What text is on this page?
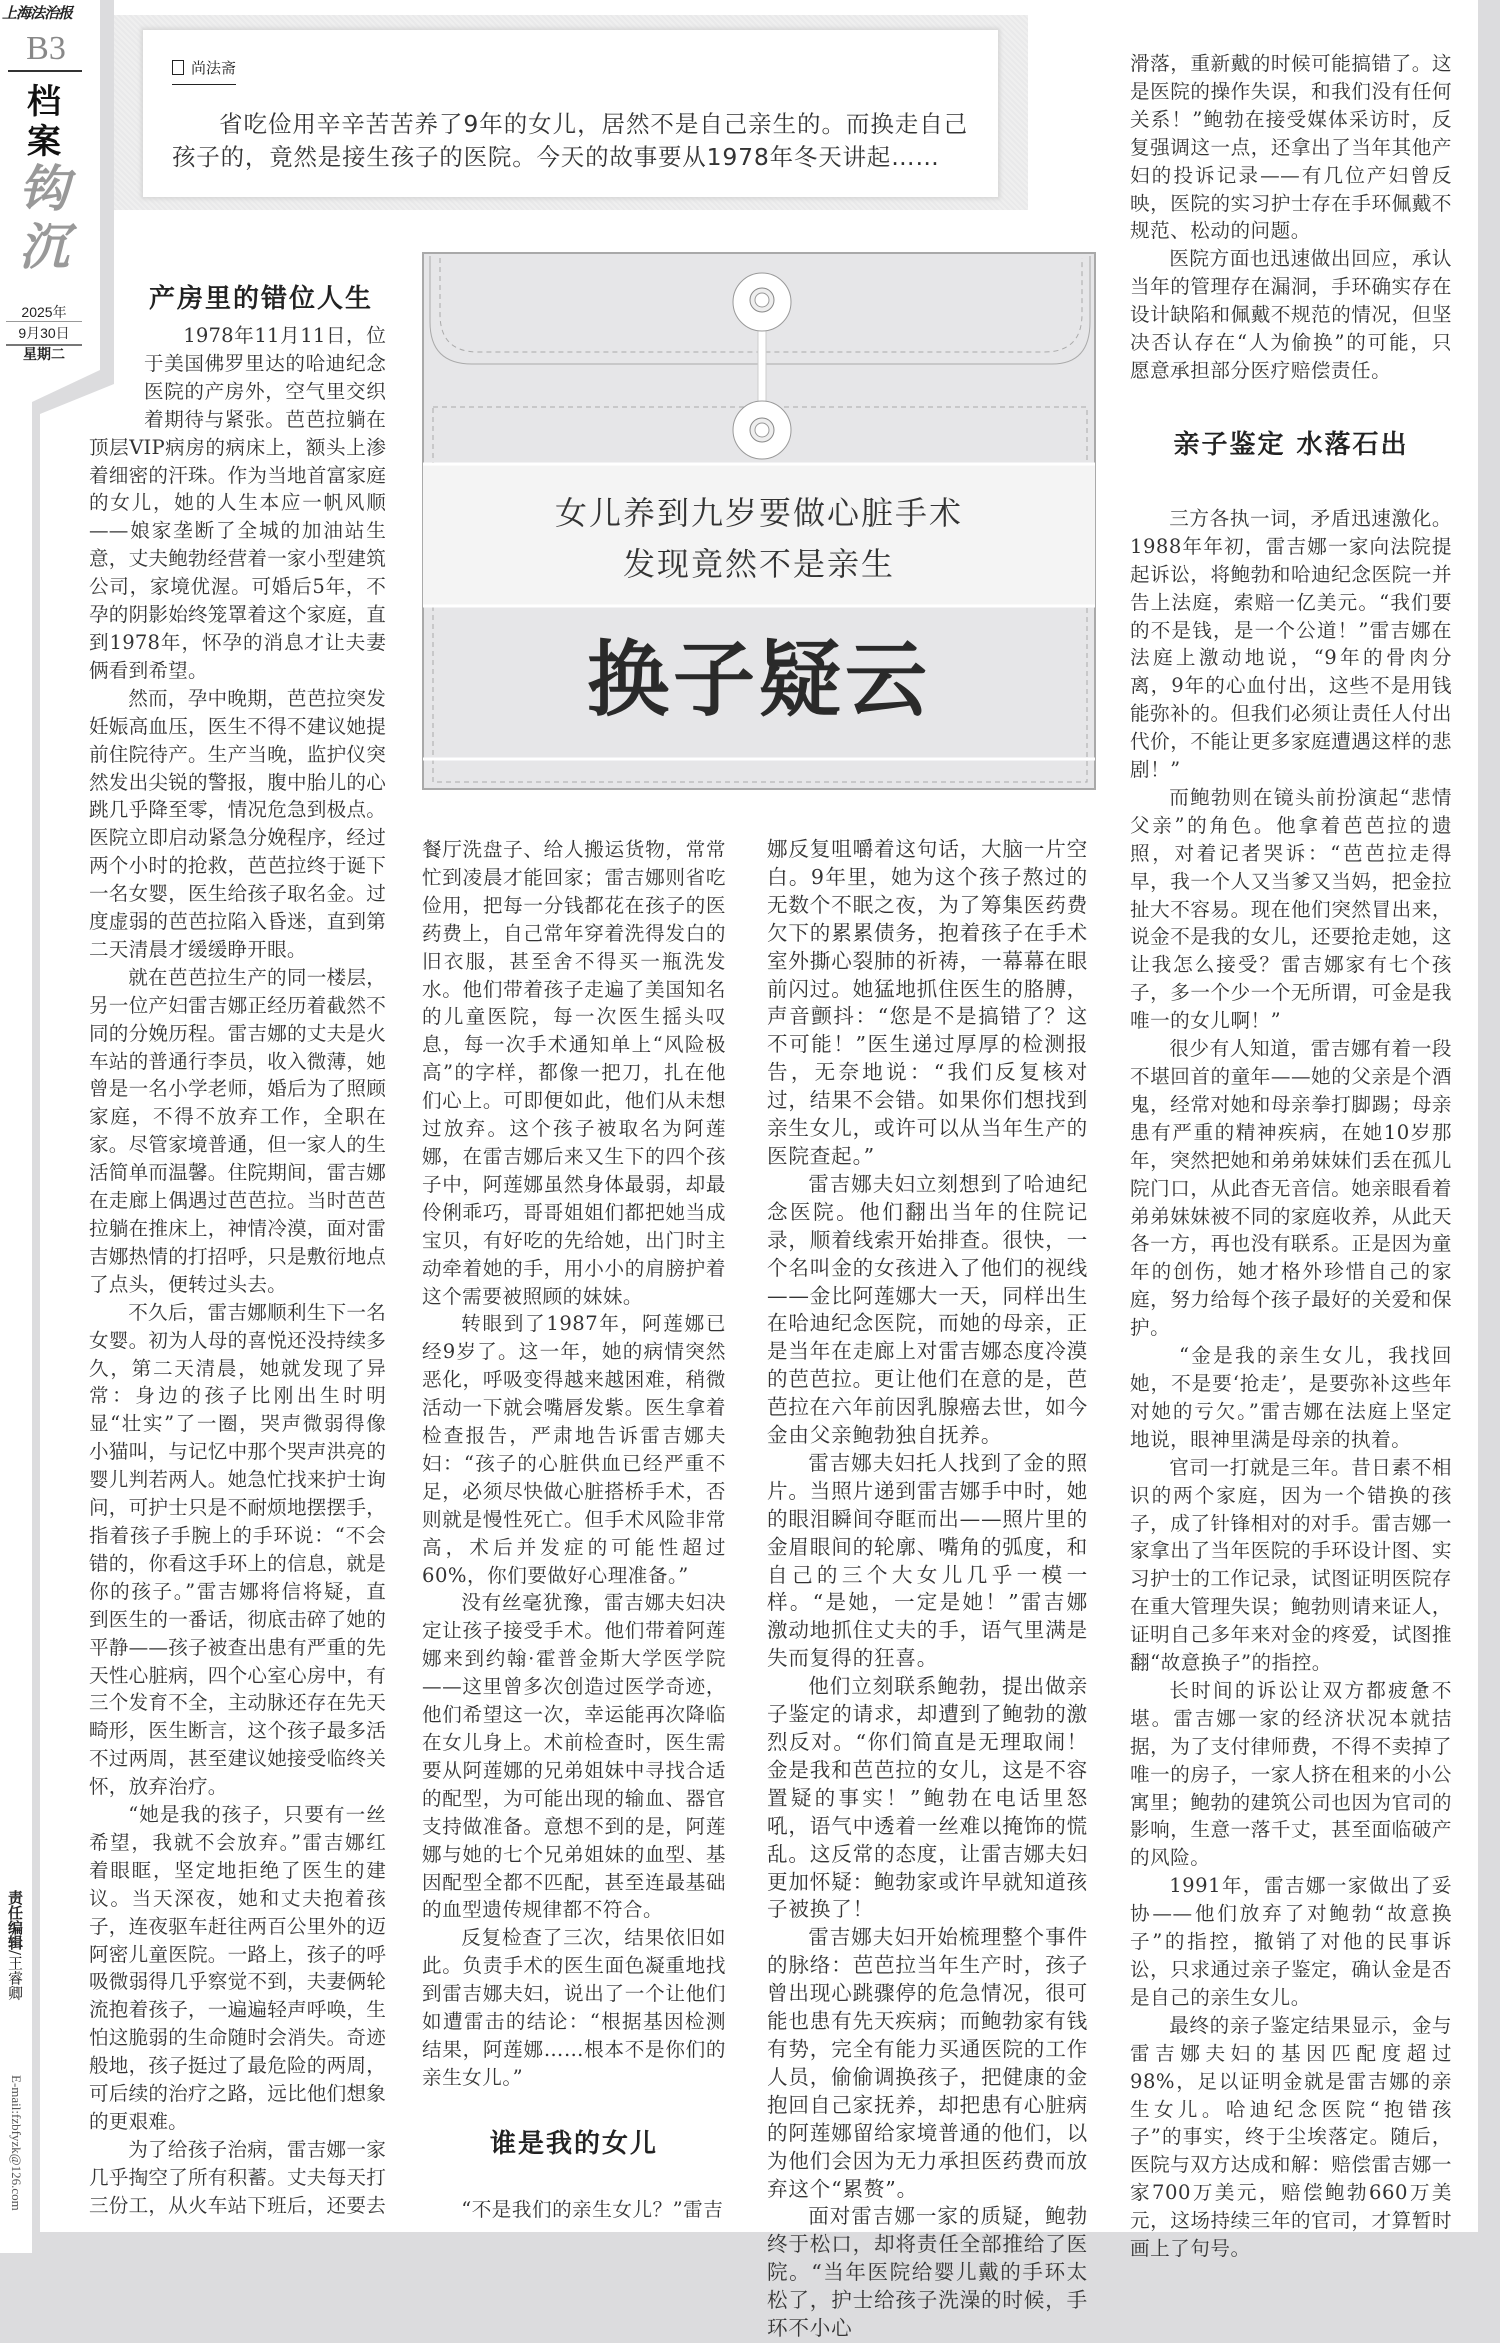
上海法治报
B3
档案
钩沉
2025年
9月30日
星期二
责任编辑/王睿卿
E-mail:fzbfyzk@126.com
尚法斋
省吃俭用辛辛苦苦养了9年的女儿，居然不是自己亲生的。而换走自己孩子的，竟然是接生孩子的医院。今天的故事要从1978年冬天讲起……
女儿养到九岁要做心脏手术
发现竟然不是亲生
换子疑云
产房里的错位人生

1978年11月11日，位于美国佛罗里达的哈迪纪念医院的产房外，空气里交织着期待与紧张。芭芭拉躺在顶层VIP病房的病床上，额头上渗着细密的汗珠。作为当地首富家庭的女儿，她的人生本应一帆风顺——娘家垄断了全城的加油站生意，丈夫鲍勃经营着一家小型建筑公司，家境优渥。可婚后5年，不孕的阴影始终笼罩着这个家庭，直到1978年，怀孕的消息才让夫妻俩看到希望。

然而，孕中晚期，芭芭拉突发妊娠高血压，医生不得不建议她提前住院待产。生产当晚，监护仪突然发出尖锐的警报，腹中胎儿的心跳几乎降至零，情况危急到极点。医院立即启动紧急分娩程序，经过两个小时的抢救，芭芭拉终于诞下一名女婴，医生给孩子取名金。过度虚弱的芭芭拉陷入昏迷，直到第二天清晨才缓缓睁开眼。

就在芭芭拉生产的同一楼层，另一位产妇雷吉娜正经历着截然不同的分娩历程。雷吉娜的丈夫是火车站的普通行李员，收入微薄，她曾是一名小学老师，婚后为了照顾家庭，不得不放弃工作，全职在家。尽管家境普通，但一家人的生活简单而温馨。住院期间，雷吉娜在走廊上偶遇过芭芭拉。当时芭芭拉躺在推床上，神情冷漠，面对雷吉娜热情的打招呼，只是敷衍地点了点头，便转过头去。

不久后，雷吉娜顺利生下一名女婴。初为人母的喜悦还没持续多久，第二天清晨，她就发现了异常：身边的孩子比刚出生时明显“壮实”了一圈，哭声微弱得像小猫叫，与记忆中那个哭声洪亮的婴儿判若两人。她急忙找来护士询问，可护士只是不耐烦地摆摆手，指着孩子手腕上的手环说：“不会错的，你看这手环上的信息，就是你的孩子。”雷吉娜将信将疑，直到医生的一番话，彻底击碎了她的平静——孩子被查出患有严重的先天性心脏病，四个心室心房中，有三个发育不全，主动脉还存在先天畸形，医生断言，这个孩子最多活不过两周，甚至建议她接受临终关怀，放弃治疗。

“她是我的孩子，只要有一丝希望，我就不会放弃。”雷吉娜红着眼眶，坚定地拒绝了医生的建议。当天深夜，她和丈夫抱着孩子，连夜驱车赶往两百公里外的迈阿密儿童医院。一路上，孩子的呼吸微弱得几乎察觉不到，夫妻俩轮流抱着孩子，一遍遍轻声呼唤，生怕这脆弱的生命随时会消失。奇迹般地，孩子挺过了最危险的两周，可后续的治疗之路，远比他们想象的更艰难。

为了给孩子治病，雷吉娜一家几乎掏空了所有积蓄。丈夫每天打三份工，从火车站下班后，还要去

餐厅洗盘子、给人搬运货物，常常忙到凌晨才能回家；雷吉娜则省吃俭用，把每一分钱都花在孩子的医药费上，自己常年穿着洗得发白的旧衣服，甚至舍不得买一瓶洗发水。他们带着孩子走遍了美国知名的儿童医院，每一次医生摇头叹息，每一次手术通知单上“风险极高”的字样，都像一把刀，扎在他们心上。可即便如此，他们从未想过放弃。这个孩子被取名为阿莲娜，在雷吉娜后来又生下的四个孩子中，阿莲娜虽然身体最弱，却最伶俐乖巧，哥哥姐姐们都把她当成宝贝，有好吃的先给她，出门时主动牵着她的手，用小小的肩膀护着这个需要被照顾的妹妹。

转眼到了1987年，阿莲娜已经9岁了。这一年，她的病情突然恶化，呼吸变得越来越困难，稍微活动一下就会嘴唇发紫。医生拿着检查报告，严肃地告诉雷吉娜夫妇：“孩子的心脏供血已经严重不足，必须尽快做心脏搭桥手术，否则就是慢性死亡。但手术风险非常高，术后并发症的可能性超过60%，你们要做好心理准备。”

没有丝毫犹豫，雷吉娜夫妇决定让孩子接受手术。他们带着阿莲娜来到约翰·霍普金斯大学医学院——这里曾多次创造过医学奇迹，他们希望这一次，幸运能再次降临在女儿身上。术前检查时，医生需要从阿莲娜的兄弟姐妹中寻找合适的配型，为可能出现的输血、器官支持做准备。意想不到的是，阿莲娜与她的七个兄弟姐妹的血型、基因配型全都不匹配，甚至连最基础的血型遗传规律都不符合。

反复检查了三次，结果依旧如此。负责手术的医生面色凝重地找到雷吉娜夫妇，说出了一个让他们如遭雷击的结论：“根据基因检测结果，阿莲娜……根本不是你们的亲生女儿。”

谁是我的女儿

“不是我们的亲生女儿？”雷吉

娜反复咀嚼着这句话，大脑一片空白。9年里，她为这个孩子熬过的无数个不眠之夜，为了筹集医药费欠下的累累债务，抱着孩子在手术室外撕心裂肺的祈祷，一幕幕在眼前闪过。她猛地抓住医生的胳膊，声音颤抖：“您是不是搞错了？这不可能！”医生递过厚厚的检测报告，无奈地说：“我们反复核对过，结果不会错。如果你们想找到亲生女儿，或许可以从当年生产的医院查起。”

雷吉娜夫妇立刻想到了哈迪纪念医院。他们翻出当年的住院记录，顺着线索开始排查。很快，一个名叫金的女孩进入了他们的视线——金比阿莲娜大一天，同样出生在哈迪纪念医院，而她的母亲，正是当年在走廊上对雷吉娜态度冷漠的芭芭拉。更让他们在意的是，芭芭拉在六年前因乳腺癌去世，如今金由父亲鲍勃独自抚养。

雷吉娜夫妇托人找到了金的照片。当照片递到雷吉娜手中时，她的眼泪瞬间夺眶而出——照片里的金眉眼间的轮廓、嘴角的弧度，和自己的三个大女儿几乎一模一样。“是她，一定是她！”雷吉娜激动地抓住丈夫的手，语气里满是失而复得的狂喜。

他们立刻联系鲍勃，提出做亲子鉴定的请求，却遭到了鲍勃的激烈反对。“你们简直是无理取闹！金是我和芭芭拉的女儿，这是不容置疑的事实！”鲍勃在电话里怒吼，语气中透着一丝难以掩饰的慌乱。这反常的态度，让雷吉娜夫妇更加怀疑：鲍勃家或许早就知道孩子被换了！

雷吉娜夫妇开始梳理整个事件的脉络：芭芭拉当年生产时，孩子曾出现心跳骤停的危急情况，很可能也患有先天疾病；而鲍勃家有钱有势，完全有能力买通医院的工作人员，偷偷调换孩子，把健康的金抱回自己家抚养，却把患有心脏病的阿莲娜留给家境普通的他们，以为他们会因为无力承担医药费而放弃这个“累赘”。

面对雷吉娜一家的质疑，鲍勃终于松口，却将责任全部推给了医院。“当年医院给婴儿戴的手环太松了，护士给孩子洗澡的时候，手环不小心

滑落，重新戴的时候可能搞错了。这是医院的操作失误，和我们没有任何关系！”鲍勃在接受媒体采访时，反复强调这一点，还拿出了当年其他产妇的投诉记录——有几位产妇曾反映，医院的实习护士存在手环佩戴不规范、松动的问题。

医院方面也迅速做出回应，承认当年的管理存在漏洞，手环确实存在设计缺陷和佩戴不规范的情况，但坚决否认存在“人为偷换”的可能，只愿意承担部分医疗赔偿责任。

亲子鉴定 水落石出

三方各执一词，矛盾迅速激化。1988年年初，雷吉娜一家向法院提起诉讼，将鲍勃和哈迪纪念医院一并告上法庭，索赔一亿美元。“我们要的不是钱，是一个公道！”雷吉娜在法庭上激动地说，“9年的骨肉分离，9年的心血付出，这些不是用钱能弥补的。但我们必须让责任人付出代价，不能让更多家庭遭遇这样的悲剧！”

而鲍勃则在镜头前扮演起“悲情父亲”的角色。他拿着芭芭拉的遗照，对着记者哭诉：“芭芭拉走得早，我一个人又当爹又当妈，把金拉扯大不容易。现在他们突然冒出来，说金不是我的女儿，还要抢走她，这让我怎么接受？雷吉娜家有七个孩子，多一个少一个无所谓，可金是我唯一的女儿啊！”

很少有人知道，雷吉娜有着一段不堪回首的童年——她的父亲是个酒鬼，经常对她和母亲拳打脚踢；母亲患有严重的精神疾病，在她10岁那年，突然把她和弟弟妹妹们丢在孤儿院门口，从此杳无音信。她亲眼看着弟弟妹妹被不同的家庭收养，从此天各一方，再也没有联系。正是因为童年的创伤，她才格外珍惜自己的家庭，努力给每个孩子最好的关爱和保护。

“金是我的亲生女儿，我找回她，不是要‘抢走’，是要弥补这些年对她的亏欠。”雷吉娜在法庭上坚定地说，眼神里满是母亲的执着。

官司一打就是三年。昔日素不相识的两个家庭，因为一个错换的孩子，成了针锋相对的对手。雷吉娜一家拿出了当年医院的手环设计图、实习护士的工作记录，试图证明医院存在重大管理失误；鲍勃则请来证人，证明自己多年来对金的疼爱，试图推翻“故意换子”的指控。

长时间的诉讼让双方都疲惫不堪。雷吉娜一家的经济状况本就拮据，为了支付律师费，不得不卖掉了唯一的房子，一家人挤在租来的小公寓里；鲍勃的建筑公司也因为官司的影响，生意一落千丈，甚至面临破产的风险。

1991年，雷吉娜一家做出了妥协——他们放弃了对鲍勃“故意换子”的指控，撤销了对他的民事诉讼，只求通过亲子鉴定，确认金是否是自己的亲生女儿。

最终的亲子鉴定结果显示，金与雷吉娜夫妇的基因匹配度超过98%，足以证明金就是雷吉娜的亲生女儿。哈迪纪念医院“抱错孩子”的事实，终于尘埃落定。随后，医院与双方达成和解：赔偿雷吉娜一家700万美元，赔偿鲍勃660万美元，这场持续三年的官司，才算暂时画上了句号。
